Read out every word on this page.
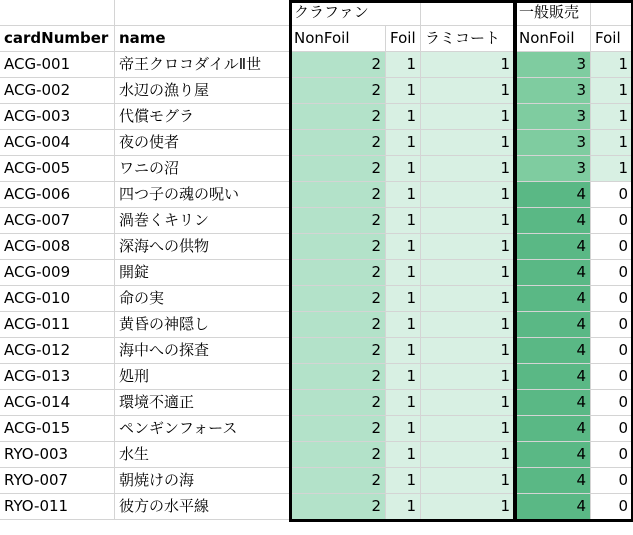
クラファン	一般販売
cardNumber name	NonFoil	Foil ラミコート	NonFoil	Foil
ACG-001	帝王クロコダイルⅡ世	2	1	1	3	1
ACG-002	水辺の漁り屋	2	1	1	3	1
ACG-003	代償モグラ	2	1	1	3	1
ACG-004	夜の使者	2	1	1	3	1
ACG-005	ワニの沼	2	1	1	3	1
ACG-006	四つ子の魂の呪い	2	1	1	4	0
ACG-007	渦巻くキリン	2	1	1	4	0
ACG-008	深海への供物	2	1	1	4	0
ACG-009	開錠	2	1	1	4	0
ACG-010	命の実	2	1	1	4	0
ACG-011	黄昏の神隠し	2	1	1	4	0
ACG-012	海中への探査	2	1	1	4	0
ACG-013	処刑	2	1	1	4	0
ACG-014	環境不適正	2	1	1	4	0
ACG-015	ペンギンフォース	2	1	1	4	0
RYO-003	水生	2	1	1	4	0
RYO-007	朝焼けの海	2	1	1	4	0
RYO-011	彼方の水平線	2	1	1	4	0
